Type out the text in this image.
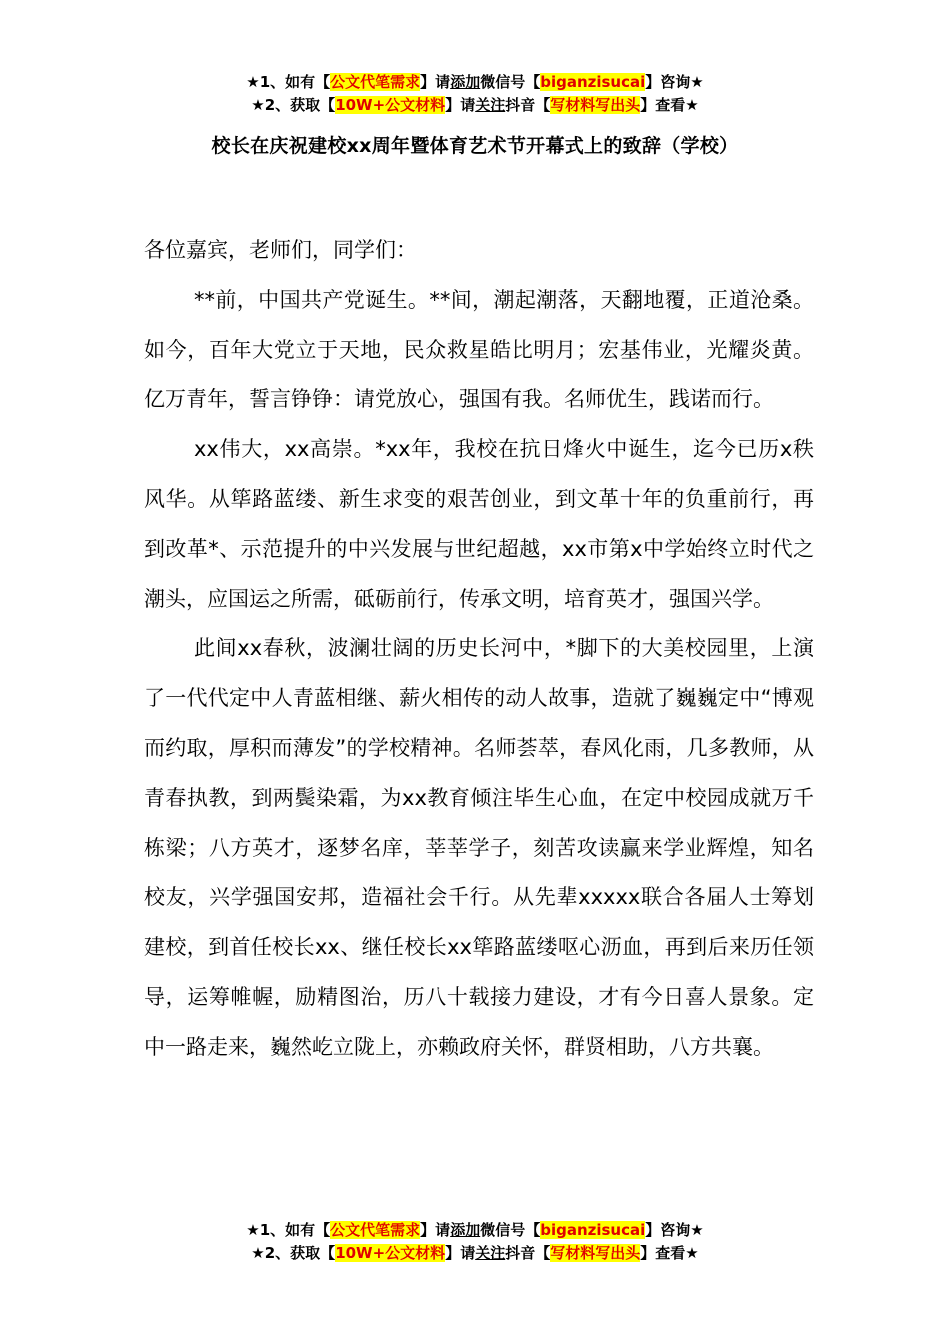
★1、如有【公文代笔需求】请添加微信号【biganzisucai】咨询★
★2、获取【10W+公文材料】请关注抖音【写材料写出头】查看★
校长在庆祝建校xx周年暨体育艺术节开幕式上的致辞（学校）

各位嘉宾，老师们，同学们：

**前，中国共产党诞生。**间，潮起潮落，天翻地覆，正道沧桑。如今，百年大党立于天地，民众救星皓比明月；宏基伟业，光耀炎黄。亿万青年，誓言铮铮：请党放心，强国有我。名师优生，践诺而行。

xx伟大，xx高崇。*xx年，我校在抗日烽火中诞生，迄今已历x秩风华。从筚路蓝缕、新生求变的艰苦创业，到文革十年的负重前行，再到改革*、示范提升的中兴发展与世纪超越，xx市第x中学始终立时代之潮头，应国运之所需，砥砺前行，传承文明，培育英才，强国兴学。

此间xx春秋，波澜壮阔的历史长河中，*脚下的大美校园里，上演了一代代定中人青蓝相继、薪火相传的动人故事，造就了巍巍定中“博观而约取，厚积而薄发”的学校精神。名师荟萃，春风化雨，几多教师，从青春执教，到两鬓染霜，为xx教育倾注毕生心血，在定中校园成就万千栋梁；八方英才，逐梦名庠，莘莘学子，刻苦攻读赢来学业辉煌，知名校友，兴学强国安邦，造福社会千行。从先辈xxxxx联合各届人士筹划建校，到首任校长xx、继任校长xx筚路蓝缕呕心沥血，再到后来历任领导，运筹帷幄，励精图治，历八十载接力建设，才有今日喜人景象。定中一路走来，巍然屹立陇上，亦赖政府关怀，群贤相助，八方共襄。

★1、如有【公文代笔需求】请添加微信号【biganzisucai】咨询★
★2、获取【10W+公文材料】请关注抖音【写材料写出头】查看★
